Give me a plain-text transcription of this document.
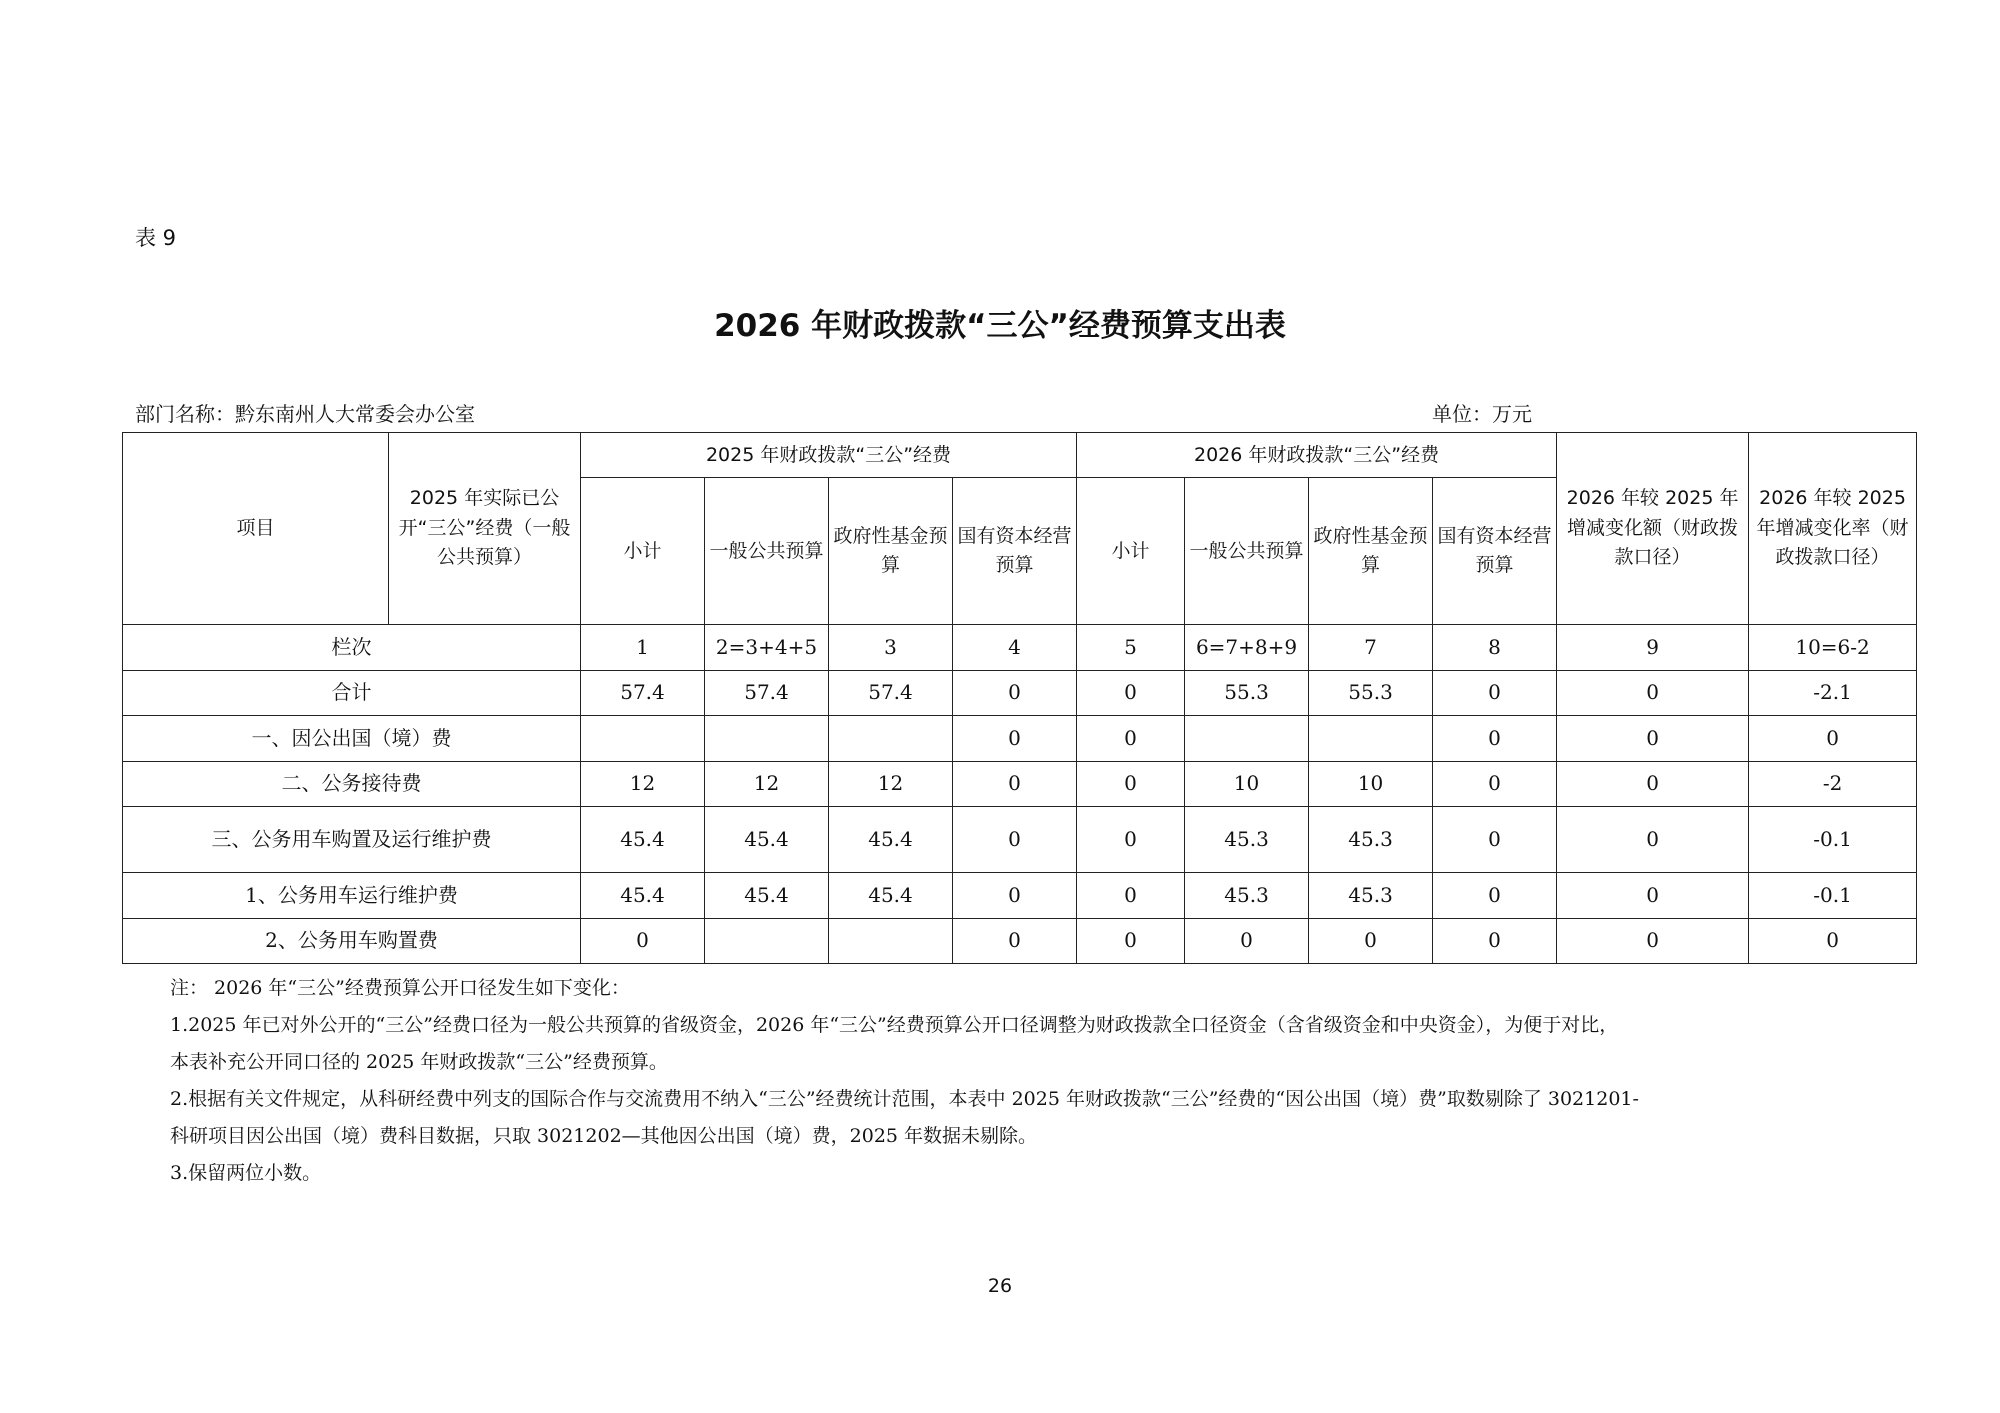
表 9
2026 年财政拨款“三公”经费预算支出表
部门名称：黔东南州人大常委会办公室	单位：万元
项目	2025 年实际已公开“三公”经费（一般公共预算）	2025 年财政拨款“三公”经费				2026 年财政拨款“三公”经费				2026 年较 2025 年增减变化额（财政拨款口径）	2026 年较 2025 年增减变化率（财政拨款口径）	
		小计	一般公共预算	政府性基金预算	国有资本经营预算	小计	一般公共预算	政府性基金预算	国有资本经营预算			
栏次		1	2=3+4+5	3	4	5	6=7+8+9	7	8	9	10=6-2	
合计		57.4	57.4	57.4	0	0	55.3	55.3	0	0	-2.1	
一、因公出国（境）费					0	0			0	0	0	
二、公务接待费		12	12	12	0	0	10	10	0	0	-2	
三、公务用车购置及运行维护费		45.4	45.4	45.4	0	0	45.3	45.3	0	0	-0.1	
1、公务用车运行维护费		45.4	45.4	45.4	0	0	45.3	45.3	0	0	-0.1	
2、公务用车购置费		0			0	0	0	0	0	0	0	
注： 2026 年“三公”经费预算公开口径发生如下变化：
1.2025 年已对外公开的“三公”经费口径为一般公共预算的省级资金，2026 年“三公”经费预算公开口径调整为财政拨款全口径资金（含省级资金和中央资金），为便于对比，
本表补充公开同口径的 2025 年财政拨款“三公”经费预算。
2.根据有关文件规定，从科研经费中列支的国际合作与交流费用不纳入“三公”经费统计范围，本表中 2025 年财政拨款“三公”经费的“因公出国（境）费”取数剔除了 3021201-
科研项目因公出国（境）费科目数据，只取 3021202—其他因公出国（境）费，2025 年数据未剔除。
3.保留两位小数。
26
